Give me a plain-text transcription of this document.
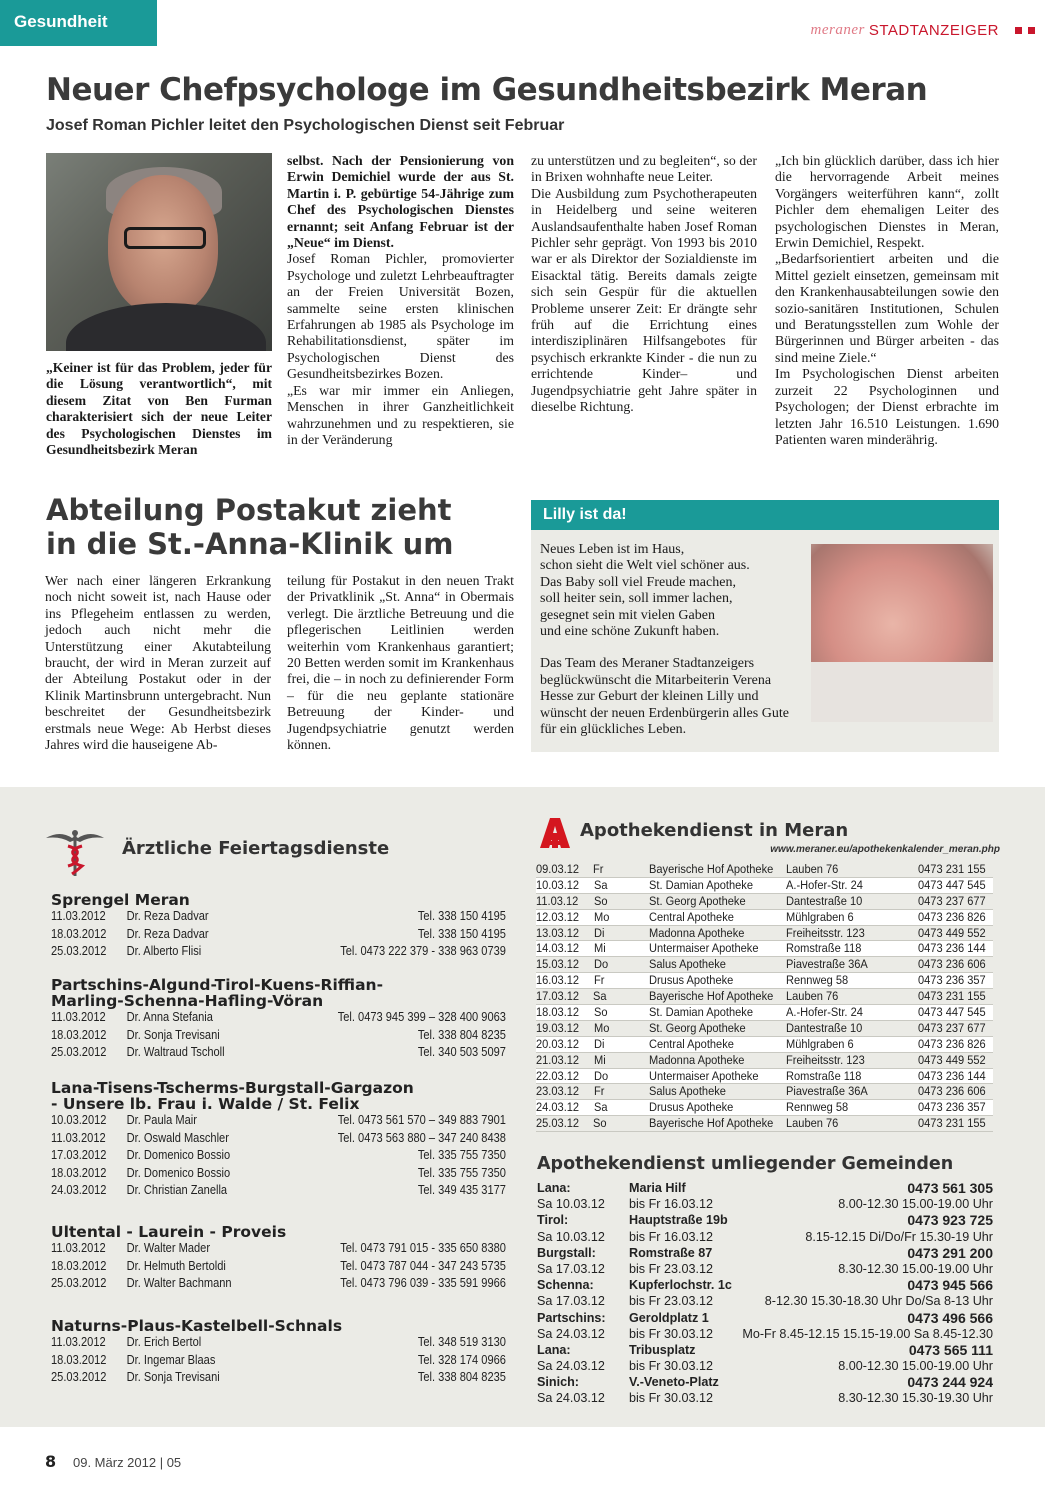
Gesundheit	meraner STADTANZEIGER
Neuer Chefpsychologe im Gesundheitsbezirk Meran
Josef Roman Pichler leitet den Psychologischen Dienst seit Februar
„Keiner ist für das Problem, jeder für die Lösung verantwortlich“, mit diesem Zitat von Ben Furman charakterisiert sich der neue Leiter des Psychologischen Dienstes im Gesundheitsbezirk Meran

selbst. Nach der Pensionierung von Erwin Demichiel wurde der aus St. Martin i. P. gebürtige 54-Jährige zum Chef des Psychologischen Dienstes ernannt; seit Anfang Februar ist der „Neue“ im Dienst.

Josef Roman Pichler, promovierter Psychologe und zuletzt Lehrbeauftragter an der Freien Universität Bozen, sammelte seine ersten klinischen Erfahrungen ab 1985 als Psychologe im Rehabilitationsdienst, später im Psychologischen Dienst des Gesundheitsbezirkes Bozen.

„Es war mir immer ein Anliegen, Menschen in ihrer Ganzheitlichkeit wahrzunehmen und zu respektieren, sie in der Veränderung

zu unterstützen und zu begleiten“, so der in Brixen wohnhafte neue Leiter.

Die Ausbildung zum Psychotherapeuten in Heidelberg und seine weiteren Auslandsaufenthalte haben Josef Roman Pichler sehr geprägt. Von 1993 bis 2010 war er als Direktor der Sozialdienste im Eisacktal tätig. Bereits damals zeigte sich sein Gespür für die aktuellen Probleme unserer Zeit: Er drängte sehr früh auf die Errichtung eines interdisziplinären Hilfsangebotes für psychisch erkrankte Kinder - die nun zu errichtende Kinder– und Jugendpsychiatrie geht Jahre später in dieselbe Richtung.

„Ich bin glücklich darüber, dass ich hier die hervorragende Arbeit meines Vorgängers weiterführen kann“, zollt Pichler dem ehemaligen Leiter des psychologischen Dienstes in Meran, Erwin Demichiel, Respekt.

„Bedarfsorientiert arbeiten und die Mittel gezielt einsetzen, gemeinsam mit den Krankenhausabteilungen sowie den sozio-sanitären Institutionen, Schulen und Beratungsstellen zum Wohle der Bürgerinnen und Bürger arbeiten - das sind meine Ziele.“

Im Psychologischen Dienst arbeiten zurzeit 22 Psychologinnen und Psychologen; der Dienst erbrachte im letzten Jahr 16.510 Leistungen. 1.690 Patienten waren minderährig.

Abteilung Postakut zieht
in die St.-Anna-Klinik um

Wer nach einer längeren Erkrankung noch nicht soweit ist, nach Hause oder ins Pflegeheim entlassen zu werden, jedoch auch nicht mehr die Unterstützung einer Akutabteilung braucht, der wird in Meran zurzeit auf der Abteilung Postakut oder in der Klinik Martinsbrunn untergebracht. Nun beschreitet der Gesundheitsbezirk erstmals neue Wege: Ab Herbst dieses Jahres wird die hauseigene Ab-

teilung für Postakut in den neuen Trakt der Privatklinik „St. Anna“ in Obermais verlegt. Die ärztliche Betreuung und die pflegerischen Leitlinien werden weiterhin vom Krankenhaus garantiert; 20 Betten werden somit im Krankenhaus frei, die – in noch zu definierender Form – für die neu geplante stationäre Betreuung der Kinder- und Jugendpsychiatrie genutzt werden können.

Lilly ist da!

Neues Leben ist im Haus,
schon sieht die Welt viel schöner aus.
Das Baby soll viel Freude machen,
soll heiter sein, soll immer lachen,
gesegnet sein mit vielen Gaben
und eine schöne Zukunft haben.

Das Team des Meraner Stadtanzeigers beglückwünscht die Mitarbeiterin Verena Hesse zur Geburt der kleinen Lilly und wünscht der neuen Erdenbürgerin alles Gute für ein glückliches Leben.

Ärztliche Feiertagsdienste
Sprengel Meran
11.03.2012	Dr. Reza Dadvar	Tel. 338 150 4195
18.03.2012	Dr. Reza Dadvar	Tel. 338 150 4195
25.03.2012	Dr. Alberto Flisi	Tel. 0473 222 379 - 338 963 0739
Partschins-Algund-Tirol-Kuens-Riffian-Marling-Schenna-Hafling-Vöran
11.03.2012	Dr. Anna Stefania	Tel. 0473 945 399 – 328 400 9063
18.03.2012	Dr. Sonja Trevisani	Tel. 338 804 8235
25.03.2012	Dr. Waltraud Tscholl	Tel. 340 503 5097
Lana-Tisens-Tscherms-Burgstall-Gargazon - Unsere lb. Frau i. Walde / St. Felix
10.03.2012	Dr. Paula Mair	Tel. 0473 561 570 – 349 883 7901
11.03.2012	Dr. Oswald Maschler	Tel. 0473 563 880 – 347 240 8438
17.03.2012	Dr. Domenico Bossio	Tel. 335 755 7350
18.03.2012	Dr. Domenico Bossio	Tel. 335 755 7350
24.03.2012	Dr. Christian Zanella	Tel. 349 435 3177
Ultental - Laurein - Proveis
11.03.2012	Dr. Walter Mader	Tel. 0473 791 015 - 335 650 8380
18.03.2012	Dr. Helmuth Bertoldi	Tel. 0473 787 044 - 347 243 5735
25.03.2012	Dr. Walter Bachmann	Tel. 0473 796 039 - 335 591 9966
Naturns-Plaus-Kastelbell-Schnals
11.03.2012	Dr. Erich Bertol	Tel. 348 519 3130
18.03.2012	Dr. Ingemar Blaas	Tel. 328 174 0966
25.03.2012	Dr. Sonja Trevisani	Tel. 338 804 8235
Apothekendienst in Meran
www.meraner.eu/apothekenkalender_meran.php
09.03.12	Fr	Bayerische Hof Apotheke Lauben 76	0473 231 155
10.03.12	Sa	St. Damian Apotheke	A.-Hofer-Str. 24	0473 447 545
11.03.12	So	St. Georg Apotheke	Dantestraße 10	0473 237 677
12.03.12	Mo	Central Apotheke	Mühlgraben 6	0473 236 826
13.03.12	Di	Madonna Apotheke	Freiheitsstr. 123	0473 449 552
14.03.12	Mi	Untermaiser Apotheke	Romstraße 118	0473 236 144
15.03.12	Do	Salus Apotheke	Piavestraße 36A	0473 236 606
16.03.12	Fr	Drusus Apotheke	Rennweg 58	0473 236 357
17.03.12	Sa	Bayerische Hof Apotheke Lauben 76	0473 231 155
18.03.12	So	St. Damian Apotheke	A.-Hofer-Str. 24	0473 447 545
19.03.12	Mo	St. Georg Apotheke	Dantestraße 10	0473 237 677
20.03.12	Di	Central Apotheke	Mühlgraben 6	0473 236 826
21.03.12	Mi	Madonna Apotheke	Freiheitsstr. 123	0473 449 552
22.03.12	Do	Untermaiser Apotheke	Romstraße 118	0473 236 144
23.03.12	Fr	Salus Apotheke	Piavestraße 36A	0473 236 606
24.03.12	Sa	Drusus Apotheke	Rennweg 58	0473 236 357
25.03.12	So	Bayerische Hof Apotheke Lauben 76	0473 231 155
Apothekendienst umliegender Gemeinden
Lana:	Maria Hilf	0473 561 305
Sa 10.03.12	bis Fr 16.03.12	8.00-12.30 15.00-19.00 Uhr
Tirol:	Hauptstraße 19b	0473 923 725
Sa 10.03.12	bis Fr 16.03.12	8.15-12.15 Di/Do/Fr 15.30-19 Uhr
Burgstall:	Romstraße 87	0473 291 200
Sa 17.03.12	bis Fr 23.03.12	8.30-12.30 15.00-19.00 Uhr
Schenna:	Kupferlochstr. 1c	0473 945 566
Sa 17.03.12	bis Fr 23.03.12	8-12.30 15.30-18.30 Uhr Do/Sa 8-13 Uhr
Partschins:	Geroldplatz 1	0473 496 566
Sa 24.03.12	bis Fr 30.03.12	Mo-Fr 8.45-12.15 15.15-19.00 Sa 8.45-12.30
Lana:	Tribusplatz	0473 565 111
Sa 24.03.12	bis Fr 30.03.12	8.00-12.30 15.00-19.00 Uhr
Sinich:	V.-Veneto-Platz	0473 244 924
Sa 24.03.12	bis Fr 30.03.12	8.30-12.30 15.30-19.30 Uhr
8 09. März 2012 | 05
